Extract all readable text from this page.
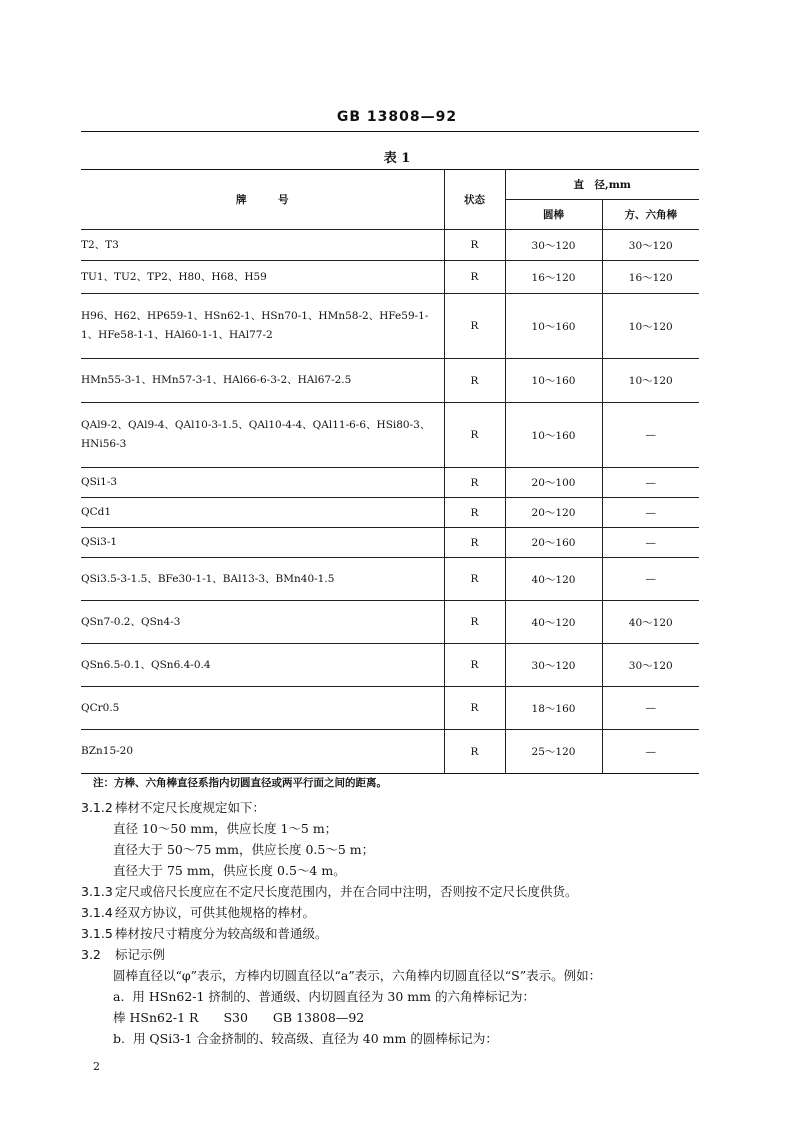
GB 13808—92
表 1
牌　　　号	状态	直　径,mm	
		圆棒	方、六角棒
T2、T3	R	30～120	30～120
TU1、TU2、TP2、H80、H68、H59	R	16～120	16～120
H96、H62、HP659-1、HSn62-1、HSn70-1、HMn58-2、HFe59-1-1、HFe58-1-1、HAl60-1-1、HAl77-2	R	10～160	10～120
HMn55-3-1、HMn57-3-1、HAl66-6-3-2、HAl67-2.5	R	10～160	10～120
QAl9-2、QAl9-4、QAl10-3-1.5、QAl10-4-4、QAl11-6-6、HSi80-3、HNi56-3	R	10～160	—
QSi1-3	R	20～100	—
QCd1	R	20～120	—
QSi3-1	R	20～160	—
QSi3.5-3-1.5、BFe30-1-1、BAl13-3、BMn40-1.5	R	40～120	—
QSn7-0.2、QSn4-3	R	40～120	40～120
QSn6.5-0.1、QSn6.4-0.4	R	30～120	30～120
QCr0.5	R	18～160	—
BZn15-20	R	25～120	—
注：方棒、六角棒直径系指内切圆直径或两平行面之间的距离。
3.1.2 棒材不定尺长度规定如下：
直径 10～50 mm，供应长度 1～5 m；
直径大于 50～75 mm，供应长度 0.5～5 m；
直径大于 75 mm，供应长度 0.5～4 m。
3.1.3 定尺或倍尺长度应在不定尺长度范围内，并在合同中注明，否则按不定尺长度供货。
3.1.4 经双方协议，可供其他规格的棒材。
3.1.5 棒材按尺寸精度分为较高级和普通级。
3.2 标记示例
圆棒直径以“φ”表示，方棒内切圆直径以“a”表示，六角棒内切圆直径以“S”表示。例如：
a. 用 HSn62-1 挤制的、普通级、内切圆直径为 30 mm 的六角棒标记为：
棒 HSn62-1 R　　S30　　GB 13808—92
b. 用 QSi3-1 合金挤制的、较高级、直径为 40 mm 的圆棒标记为：
2
